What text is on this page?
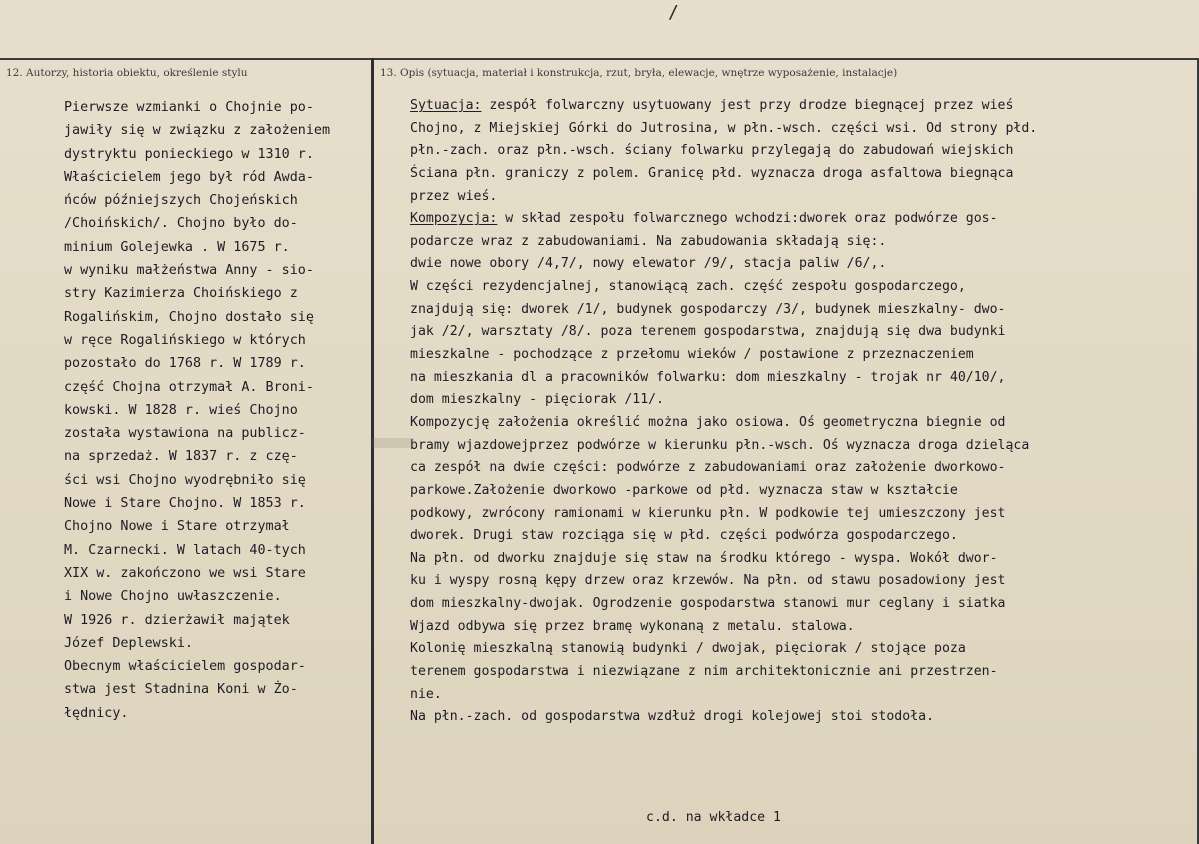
/
12. Autorzy, historia obiektu, określenie stylu	13. Opis (sytuacja, materiał i konstrukcja, rzut, bryła, elewacje, wnętrze wyposażenie, instalacje)
Pierwsze wzmianki o Chojnie po-
jawiły się w związku z założeniem
dystryktu ponieckiego w 1310 r.
Właścicielem jego był ród Awda-
ńców późniejszych Chojeńskich
/Choińskich/. Chojno było do-
minium Golejewka . W 1675 r.
w wyniku małżeństwa Anny - sio-
stry Kazimierza Choińskiego z
Rogalińskim, Chojno dostało się
w ręce Rogalińskiego w których
pozostało do 1768 r. W 1789 r.
część Chojna otrzymał A. Broni-
kowski. W 1828 r. wieś Chojno
została wystawiona na publicz-
na sprzedaż. W 1837 r. z czę-
ści wsi Chojno wyodrębniło się
Nowe i Stare Chojno. W 1853 r.
Chojno Nowe i Stare otrzymał
M. Czarnecki. W latach 40-tych
XIX w. zakończono we wsi Stare
i Nowe Chojno uwłaszczenie.
W 1926 r. dzierżawił majątek
Józef Deplewski.
Obecnym właścicielem gospodar-
stwa jest Stadnina Koni w Żo-
łędnicy.
Sytuacja: zespół folwarczny usytuowany jest przy drodze biegnącej przez wieś
Chojno, z Miejskiej Górki do Jutrosina, w płn.-wsch. części wsi. Od strony płd.
płn.-zach. oraz płn.-wsch. ściany folwarku przylegają do zabudowań wiejskich
Ściana płn. graniczy z polem. Granicę płd. wyznacza droga asfaltowa biegnąca
przez wieś.
Kompozycja: w skład zespołu folwarcznego wchodzi:dworek oraz podwórze gos-
podarcze wraz z zabudowaniami. Na zabudowania składają się:.
dwie nowe obory /4,7/, nowy elewator /9/, stacja paliw /6/,.
W części rezydencjalnej, stanowiącą zach. część zespołu gospodarczego,
znajdują się: dworek /1/, budynek gospodarczy /3/, budynek mieszkalny- dwo-
jak /2/, warsztaty /8/. poza terenem gospodarstwa, znajdują się dwa budynki
mieszkalne - pochodzące z przełomu wieków / postawione z przeznaczeniem
na mieszkania dl a pracowników folwarku: dom mieszkalny - trojak nr 40/10/,
dom mieszkalny - pięciorak /11/.
Kompozycję założenia określić można jako osiowa. Oś geometryczna biegnie od
bramy wjazdowejprzez podwórze w kierunku płn.-wsch. Oś wyznacza droga dzieląca
ca zespół na dwie części: podwórze z zabudowaniami oraz założenie dworkowo-
parkowe.Założenie dworkowo -parkowe od płd. wyznacza staw w kształcie
podkowy, zwrócony ramionami w kierunku płn. W podkowie tej umieszczony jest
dworek. Drugi staw rozciąga się w płd. części podwórza gospodarczego.
Na płn. od dworku znajduje się staw na środku którego - wyspa. Wokół dwor-
ku i wyspy rosną kępy drzew oraz krzewów. Na płn. od stawu posadowiony jest
dom mieszkalny-dwojak. Ogrodzenie gospodarstwa stanowi mur ceglany i siatka
Wjazd odbywa się przez bramę wykonaną z metalu. stalowa.
Kolonię mieszkalną stanowią budynki / dwojak, pięciorak / stojące poza
terenem gospodarstwa i niezwiązane z nim architektonicznie ani przestrzen-
nie.
Na płn.-zach. od gospodarstwa wzdłuż drogi kolejowej stoi stodoła.
c.d. na wkładce 1
